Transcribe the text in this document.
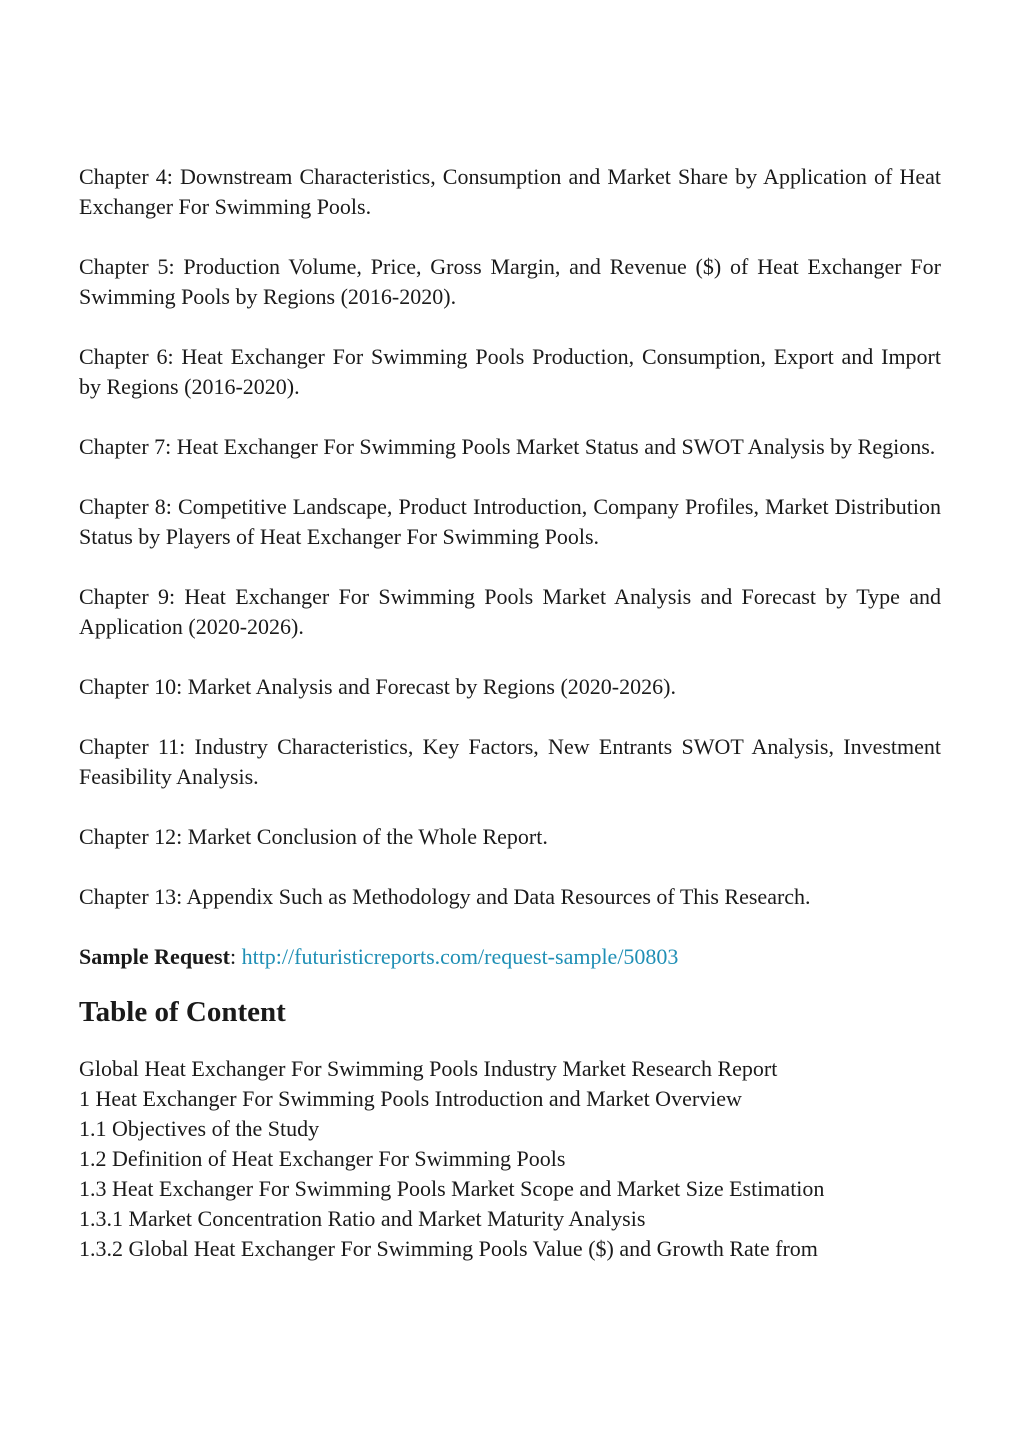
Chapter 4: Downstream Characteristics, Consumption and Market Share by Application of Heat Exchanger For Swimming Pools.

Chapter 5: Production Volume, Price, Gross Margin, and Revenue ($) of Heat Exchanger For Swimming Pools by Regions (2016-2020).

Chapter 6: Heat Exchanger For Swimming Pools Production, Consumption, Export and Import by Regions (2016-2020).

Chapter 7: Heat Exchanger For Swimming Pools Market Status and SWOT Analysis by Regions.

Chapter 8: Competitive Landscape, Product Introduction, Company Profiles, Market Distribution Status by Players of Heat Exchanger For Swimming Pools.

Chapter 9: Heat Exchanger For Swimming Pools Market Analysis and Forecast by Type and Application (2020-2026).

Chapter 10: Market Analysis and Forecast by Regions (2020-2026).

Chapter 11: Industry Characteristics, Key Factors, New Entrants SWOT Analysis, Investment Feasibility Analysis.

Chapter 12: Market Conclusion of the Whole Report.

Chapter 13: Appendix Such as Methodology and Data Resources of This Research.

Sample Request: http://futuristicreports.com/request-sample/50803

Table of Content
Global Heat Exchanger For Swimming Pools Industry Market Research Report
1 Heat Exchanger For Swimming Pools Introduction and Market Overview
1.1 Objectives of the Study
1.2 Definition of Heat Exchanger For Swimming Pools
1.3 Heat Exchanger For Swimming Pools Market Scope and Market Size Estimation
1.3.1 Market Concentration Ratio and Market Maturity Analysis
1.3.2 Global Heat Exchanger For Swimming Pools Value ($) and Growth Rate from
